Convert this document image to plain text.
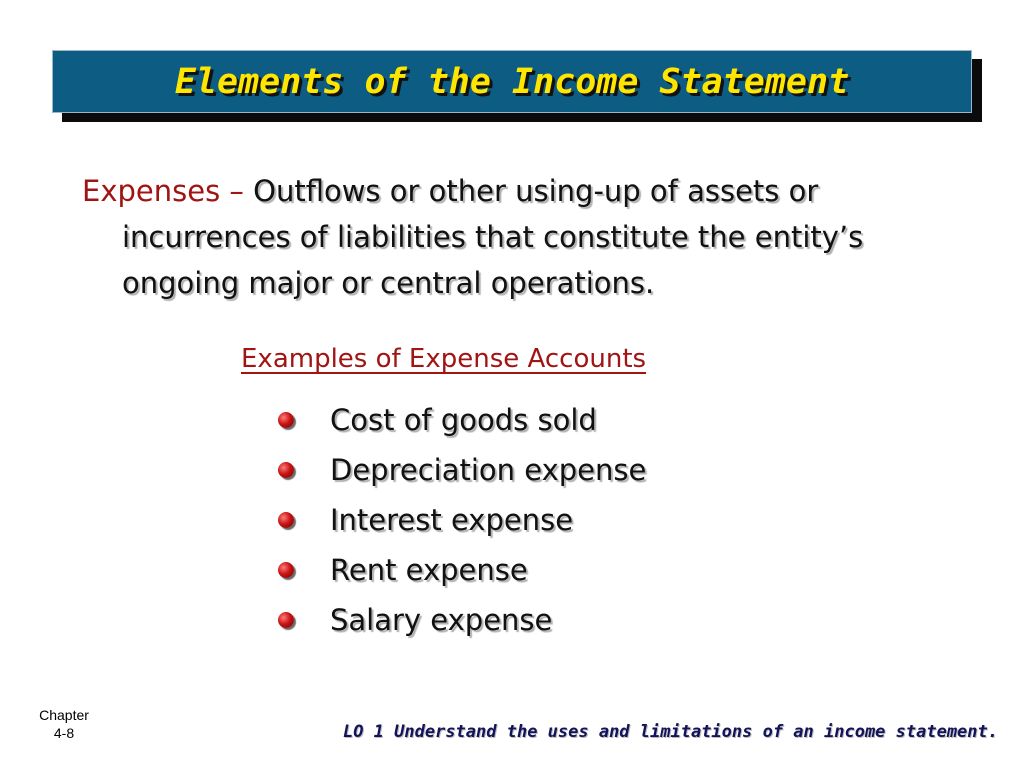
Elements of the Income Statement
Expenses – Outflows or other using-up of assets or
incurrences of liabilities that constitute the entity’s
ongoing major or central operations.
Examples of Expense Accounts
Cost of goods sold
Depreciation expense
Interest expense
Rent expense
Salary expense
Chapter
4-8	LO 1 Understand the uses and limitations of an income statement.
